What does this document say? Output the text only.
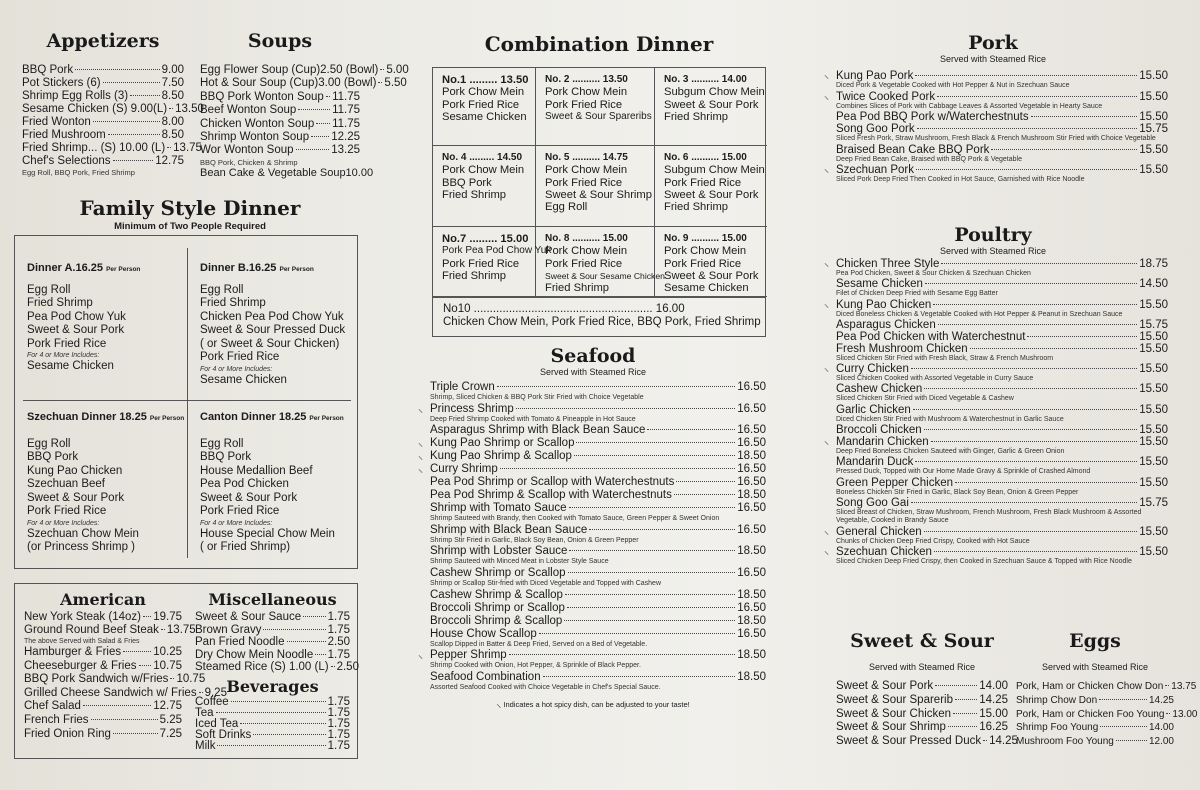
Appetizers
BBQ Pork	9.00
Pot Stickers (6)	7.50
Shrimp Egg Rolls (3)	8.50
Sesame Chicken (S) 9.00(L) 13.50
Fried Wonton	8.00
Fried Mushroom	8.50
Fried Shrimp... (S) 10.00 (L) 13.75
Chef's Selections	12.75
Egg Roll, BBQ Pork, Fried Shrimp
Soups
Egg Flower Soup (Cup)2.50 (Bowl) 5.00
Hot & Sour Soup (Cup)3.00 (Bowl) 5.50
BBQ Pork Wonton Soup 11.75
Beef Wonton Soup	11.75
Chicken Wonton Soup 11.75
Shrimp Wonton Soup 12.25
Wor Wonton Soup	13.25
BBQ Pork, Chicken & Shrimp
Bean Cake & Vegetable Soup10.00
Family Style Dinner
Minimum of Two People Required
Dinner A.16.25 Per Person
Egg Roll
Fried Shrimp
Pea Pod Chow Yuk
Sweet & Sour Pork
Pork Fried Rice
For 4 or More Includes:
Sesame Chicken
Dinner B.16.25 Per Person
Egg Roll
Fried Shrimp
Chicken Pea Pod Chow Yuk
Sweet & Sour Pressed Duck
( or Sweet & Sour Chicken)
Pork Fried Rice
For 4 or More Includes:
Sesame Chicken
Szechuan Dinner 18.25 Per Person
Egg Roll
BBQ Pork
Kung Pao Chicken
Szechuan Beef
Sweet & Sour Pork
Pork Fried Rice
For 4 or More Includes:
Szechuan Chow Mein
(or Princess Shrimp )
Canton Dinner 18.25 Per Person
Egg Roll
BBQ Pork
House Medallion Beef
Pea Pod Chicken
Sweet & Sour Pork
Pork Fried Rice
For 4 or More Includes:
House Special Chow Mein
( or Fried Shrimp)
American
New York Steak (14oz) 19.75
Ground Round Beef Steak 13.75
The above Served with Salad & Fries
Hamburger & Fries	10.25
Cheeseburger & Fries 10.75
BBQ Pork Sandwich w/Fries 10.75
Grilled Cheese Sandwich w/ Fries 9.25
Chef Salad	12.75
French Fries	5.25
Fried Onion Ring	7.25
Miscellaneous
Sweet & Sour Sauce 1.75
Brown Gravy	1.75
Pan Fried Noodle	2.50
Dry Chow Mein Noodle 1.75
Steamed Rice (S) 1.00 (L) 2.50
Beverages
Coffee	1.75
Tea	1.75
Iced Tea	1.75
Soft Drinks	1.75
Milk	1.75
Combination Dinner
No.1 ......... 13.50
Pork Chow Mein
Pork Fried Rice
Sesame Chicken
No. 2 .......... 13.50
Pork Chow Mein
Pork Fried Rice
Sweet & Sour Spareribs
No. 3 .......... 14.00
Subgum Chow Mein
Sweet & Sour Pork
Fried Shrimp
No. 4 ......... 14.50
Pork Chow Mein
BBQ Pork
Fried Shrimp
No. 5 .......... 14.75
Pork Chow Mein
Pork Fried Rice
Sweet & Sour Shrimp
Egg Roll
No. 6 .......... 15.00
Subgum Chow Mein
Pork Fried Rice
Sweet & Sour Pork
Fried Shrimp
No.7 ......... 15.00
Pork Pea Pod Chow Yuk
Pork Fried Rice
Fried Shrimp
No. 8 .......... 15.00
Pork Chow Mein
Pork Fried Rice
Sweet & Sour Sesame Chicken
Fried Shrimp
No. 9 .......... 15.00
Pork Chow Mein
Pork Fried Rice
Sweet & Sour Pork
Sesame Chicken
No10 ........................................................ 16.00
Chicken Chow Mein, Pork Fried Rice, BBQ Pork, Fried Shrimp
Seafood
Served with Steamed Rice
Triple Crown	16.50
Shrimp, Sliced Chicken & BBQ Pork Stir Fried with Choice Vegetable
⸜ Princess Shrimp	16.50
Deep Fried Shrimp Cooked with Tomato & Pineapple in Hot Sauce
Asparagus Shrimp with Black Bean Sauce	16.50
⸜ Kung Pao Shrimp or Scallop	16.50
⸜ Kung Pao Shrimp & Scallop	18.50
⸜ Curry Shrimp	16.50
Pea Pod Shrimp or Scallop with Waterchestnuts	16.50
Pea Pod Shrimp & Scallop with Waterchestnuts	18.50
Shrimp with Tomato Sauce	16.50
Shrimp Sauteed with Brandy, then Cooked with Tomato Sauce, Green Pepper & Sweet Onion
Shrimp with Black Bean Sauce	16.50
Shrimp Stir Fried in Garlic, Black Soy Bean, Onion & Green Pepper
Shrimp with Lobster Sauce	18.50
Shrimp Sauteed with Minced Meat in Lobster Style Sauce
Cashew Shrimp or Scallop	16.50
Shrimp or Scallop Stir-fried with Diced Vegetable and Topped with Cashew
Cashew Shrimp & Scallop	18.50
Broccoli Shrimp or Scallop	16.50
Broccoli Shrimp & Scallop	18.50
House Chow Scallop	16.50
Scallop Dipped in Batter & Deep Fried, Served on a Bed of Vegetable.
⸜ Pepper Shrimp	18.50
Shrimp Cooked with Onion, Hot Pepper, & Sprinkle of Black Pepper.
Seafood Combination	18.50
Assorted Seafood Cooked with Choice Vegetable in Chef's Special Sauce.
⸜ Indicates a hot spicy dish, can be adjusted to your taste!
Pork
Served with Steamed Rice
⸜ Kung Pao Pork	15.50
Diced Pork & Vegetable Cooked with Hot Pepper & Nut in Szechuan Sauce
⸜ Twice Cooked Pork	15.50
Combines Slices of Pork with Cabbage Leaves & Assorted Vegetable in Hearty Sauce
Pea Pod BBQ Pork w/Waterchestnuts	15.50
Song Goo Pork	15.75
Sliced Fresh Pork, Straw Mushroom, Fresh Black & French Mushroom Stir Fried with Choice Vegetable
Braised Bean Cake BBQ Pork	15.50
Deep Fried Bean Cake, Braised with BBQ Pork & Vegetable
⸜ Szechuan Pork	15.50
Sliced Pork Deep Fried Then Cooked in Hot Sauce, Garnished with Rice Noodle
Poultry
Served with Steamed Rice
⸜ Chicken Three Style	18.75
Pea Pod Chicken, Sweet & Sour Chicken & Szechuan Chicken
Sesame Chicken	14.50
Filet of Chicken Deep Fried with Sesame Egg Batter
⸜ Kung Pao Chicken	15.50
Diced Boneless Chicken & Vegetable Cooked with Hot Pepper & Peanut in Szechuan Sauce
Asparagus Chicken	15.75
Pea Pod Chicken with Waterchestnut	15.50
Fresh Mushroom Chicken	15.50
Sliced Chicken Stir Fried with Fresh Black, Straw & French Mushroom
⸜ Curry Chicken	15.50
Sliced Chicken Cooked with Assorted Vegetable in Curry Sauce
Cashew Chicken	15.50
Sliced Chicken Stir Fried with Diced Vegetable & Cashew
Garlic Chicken	15.50
Diced Chicken Stir Fried with Mushroom & Waterchestnut in Garlic Sauce
Broccoli Chicken	15.50
⸜ Mandarin Chicken	15.50
Deep Fried Boneless Chicken Sauteed with Ginger, Garlic & Green Onion
Mandarin Duck	15.50
Pressed Duck, Topped with Our Home Made Gravy & Sprinkle of Crashed Almond
Green Pepper Chicken	15.50
Boneless Chicken Stir Fried in Garlic, Black Soy Bean, Onion & Green Pepper
Song Goo Gai	15.75
Sliced Breast of Chicken, Straw Mushroom, French Mushroom, Fresh Black Mushroom & Assorted Vegetable, Cooked in Brandy Sauce
⸜ General Chicken	15.50
Chunks of Chicken Deep Fried Crispy, Cooked with Hot Sauce
⸜ Szechuan Chicken	15.50
Sliced Chicken Deep Fried Crispy, then Cooked in Szechuan Sauce & Topped with Rice Noodle
Sweet & Sour
Served with Steamed Rice
Sweet & Sour Pork	14.00
Sweet & Sour Sparerib 14.25
Sweet & Sour Chicken 15.00
Sweet & Sour Shrimp	16.25
Sweet & Sour Pressed Duck 14.25
Eggs
Served with Steamed Rice
Pork, Ham or Chicken Chow Don 13.75
Shrimp Chow Don	14.25
Pork, Ham or Chicken Foo Young 13.00
Shrimp Foo Young	14.00
Mushroom Foo Young	12.00
